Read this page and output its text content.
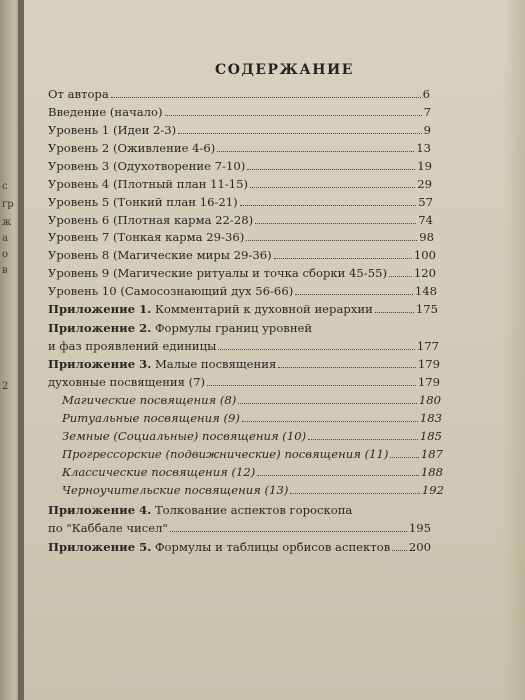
с
гр
ж
а
о
в
2
СОДЕРЖАНИЕ
От автора	6
Введение (начало)	7
Уровень 1 (Идеи 2-3)	9
Уровень 2 (Оживление 4-6)	13
Уровень 3 (Одухотворение 7-10)	19
Уровень 4 (Плотный план 11-15)	29
Уровень 5 (Тонкий план 16-21)	57
Уровень 6 (Плотная карма 22-28)	74
Уровень 7 (Тонкая карма 29-36)	98
Уровень 8 (Магические миры 29-36)	100
Уровень 9 (Магические ритуалы и точка сборки 45-55) 120
Уровень 10 (Самосознающий дух 56-66)	148
Приложение 1. Комментарий к духовной иерархии	175
Приложение 2. Формулы границ уровней
и фаз проявлений единицы	177
Приложение 3. Малые посвящения	179
духовные посвящения (7)	179
Магические посвящения (8)	180
Ритуальные посвящения (9)	183
Земные (Социальные) посвящения (10)	185
Прогрессорские (подвижнические) посвящения (11)	187
Классические посвящения (12)	188
Черноучительские посвящения (13)	192
Приложение 4. Толкование аспектов гороскопа
по "Каббале чисел"	195
Приложение 5. Формулы и таблицы орбисов аспектов 200
